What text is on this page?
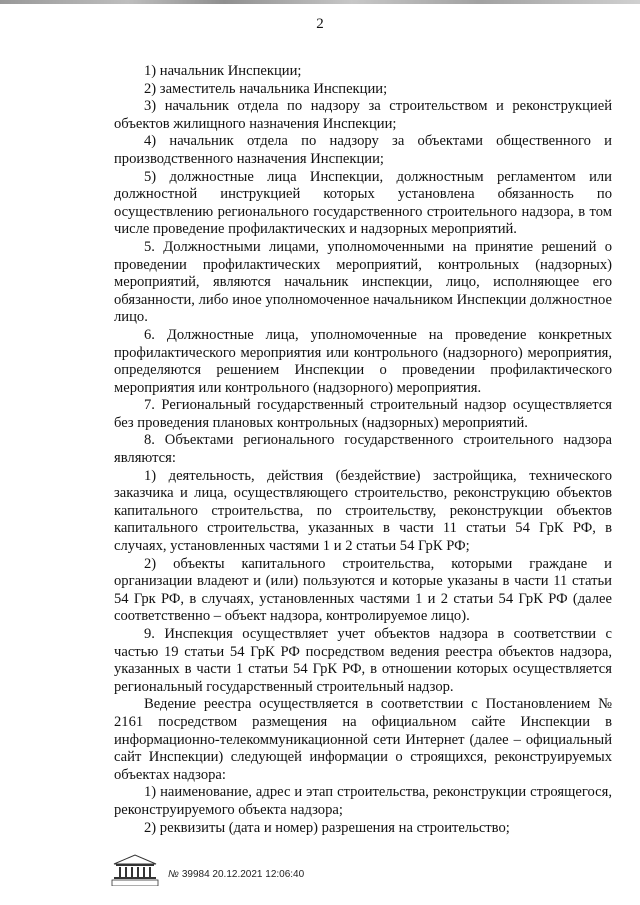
2

1) начальник Инспекции;

2) заместитель начальника Инспекции;

3) начальник отдела по надзору за строительством и реконструкцией объектов жилищного назначения Инспекции;

4) начальник отдела по надзору за объектами общественного и производственного назначения Инспекции;

5) должностные лица Инспекции, должностным регламентом или должностной инструкцией которых установлена обязанность по осуществлению регионального государственного строительного надзора, в том числе проведение профилактических и надзорных мероприятий.

5. Должностными лицами, уполномоченными на принятие решений о проведении профилактических мероприятий, контрольных (надзорных) мероприятий, являются начальник инспекции, лицо, исполняющее его обязанности, либо иное уполномоченное начальником Инспекции должностное лицо.

6. Должностные лица, уполномоченные на проведение конкретных профилактического мероприятия или контрольного (надзорного) мероприятия, определяются решением Инспекции о проведении профилактического мероприятия или контрольного (надзорного) мероприятия.

7. Региональный государственный строительный надзор осуществляется без проведения плановых контрольных (надзорных) мероприятий.

8. Объектами регионального государственного строительного надзора являются:

1) деятельность, действия (бездействие) застройщика, технического заказчика и лица, осуществляющего строительство, реконструкцию объектов капитального строительства, по строительству, реконструкции объектов капитального строительства, указанных в части 11 статьи 54 ГрК РФ, в случаях, установленных частями 1 и 2 статьи 54 ГрК РФ;

2) объекты капитального строительства, которыми граждане и организации владеют и (или) пользуются и которые указаны в части 11 статьи 54 Грк РФ, в случаях, установленных частями 1 и 2 статьи 54 ГрК РФ (далее соответственно – объект надзора, контролируемое лицо).

9. Инспекция осуществляет учет объектов надзора в соответствии с частью 19 статьи 54 ГрК РФ посредством ведения реестра объектов надзора, указанных в части 1 статьи 54 ГрК РФ, в отношении которых осуществляется региональный государственный строительный надзор.

Ведение реестра осуществляется в соответствии с Постановлением № 2161 посредством размещения на официальном сайте Инспекции в информационно-телекоммуникационной сети Интернет (далее – официальный сайт Инспекции) следующей информации о строящихся, реконструируемых объектах надзора:

1) наименование, адрес и этап строительства, реконструкции строящегося, реконструируемого объекта надзора;

2) реквизиты (дата и номер) разрешения на строительство;

№ 39984 20.12.2021 12:06:40
